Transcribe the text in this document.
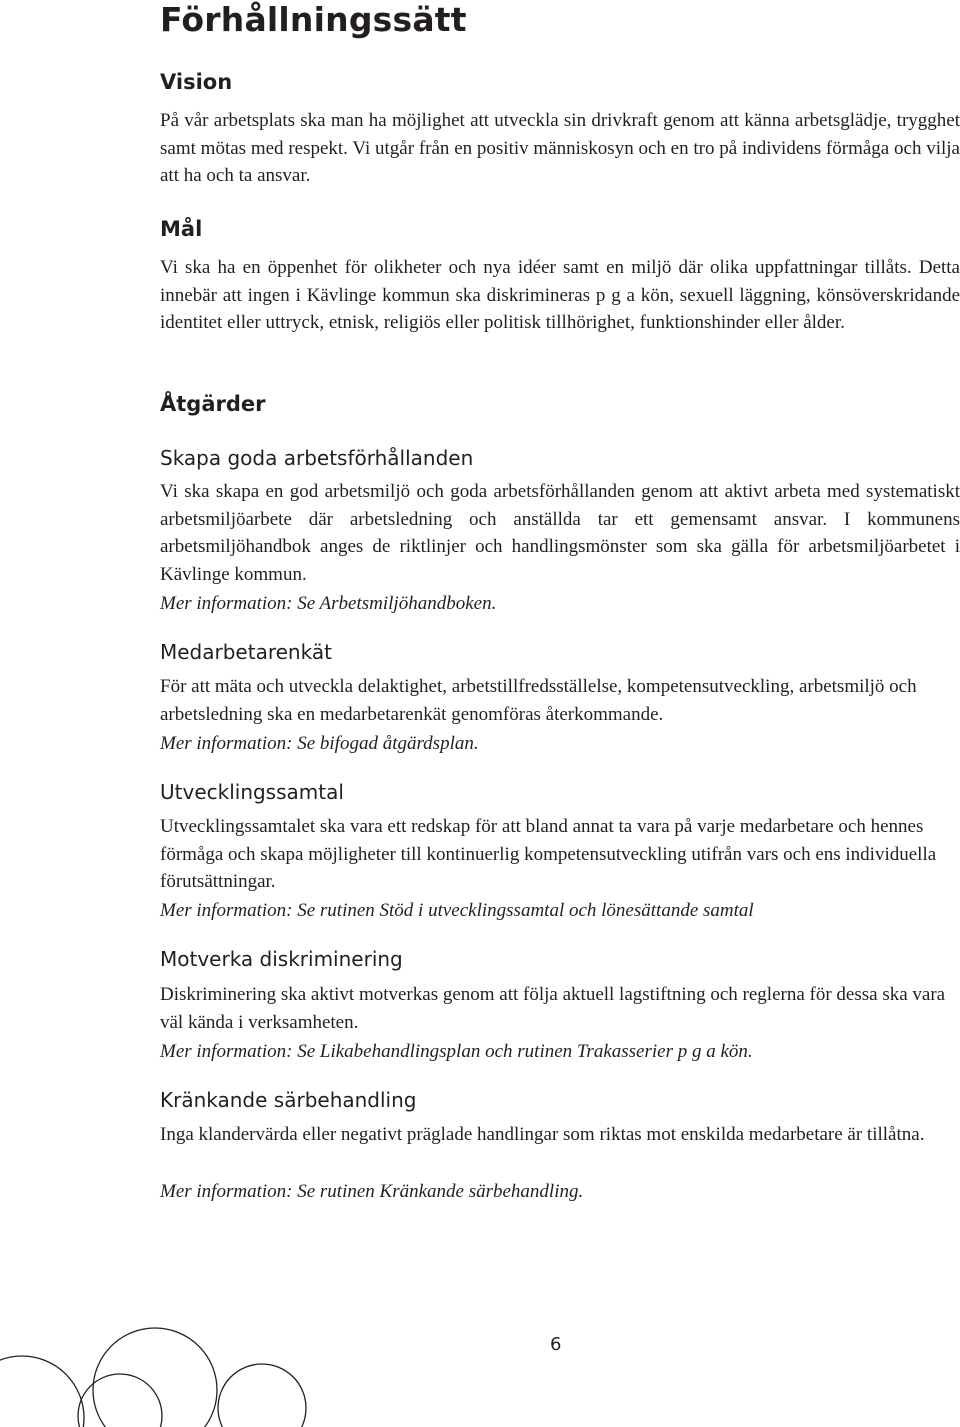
Förhållningssätt
Vision

På vår arbetsplats ska man ha möjlighet att utveckla sin drivkraft genom att känna arbetsglädje, trygghet samt mötas med respekt. Vi utgår från en positiv människosyn och en tro på individens förmåga och vilja att ha och ta ansvar.

Mål

Vi ska ha en öppenhet för olikheter och nya idéer samt en miljö där olika uppfattningar tillåts. Detta innebär att ingen i Kävlinge kommun ska diskrimineras p g a kön, sexuell läggning, könsöverskridande identitet eller uttryck, etnisk, religiös eller politisk tillhörighet, funktionshinder eller ålder.

Åtgärder
Skapa goda arbetsförhållanden

Vi ska skapa en god arbetsmiljö och goda arbetsförhållanden genom att aktivt arbeta med systematiskt arbetsmiljöarbete där arbetsledning och anställda tar ett gemensamt ansvar. I kommunens arbetsmiljöhandbok anges de riktlinjer och handlingsmönster som ska gälla för arbetsmiljöarbetet i Kävlinge kommun.

Mer information: Se Arbetsmiljöhandboken.

Medarbetarenkät

För att mäta och utveckla delaktighet, arbetstillfredsställelse, kompetensutveckling, arbetsmiljö och arbetsledning ska en medarbetarenkät genomföras återkommande.

Mer information: Se bifogad åtgärdsplan.

Utvecklingssamtal

Utvecklingssamtalet ska vara ett redskap för att bland annat ta vara på varje medarbetare och hennes förmåga och skapa möjligheter till kontinuerlig kompetensutveckling utifrån vars och ens individuella förutsättningar.

Mer information: Se rutinen Stöd i utvecklingssamtal och lönesättande samtal

Motverka diskriminering

Diskriminering ska aktivt motverkas genom att följa aktuell lagstiftning och reglerna för dessa ska vara väl kända i verksamheten.

Mer information: Se Likabehandlingsplan och rutinen Trakasserier p g a kön.

Kränkande särbehandling

Inga klandervärda eller negativt präglade handlingar som riktas mot enskilda medarbetare är tillåtna.

Mer information: Se rutinen Kränkande särbehandling.

6
